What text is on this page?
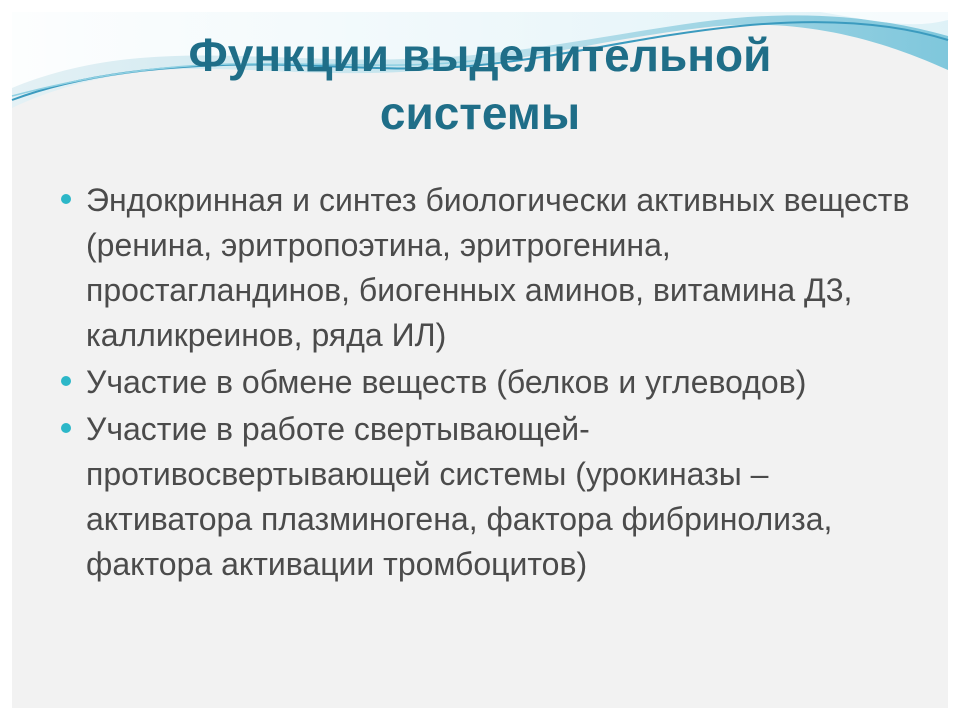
Функции выделительной
системы
Эндокринная и синтез биологически активных веществ (ренина, эритропоэтина, эритрогенина, простагландинов, биогенных аминов, витамина Д3, калликреинов, ряда ИЛ)
Участие в обмене веществ (белков и углеводов)
Участие в работе свертывающей-противосвертывающей системы (урокиназы – активатора плазминогена, фактора фибринолиза, фактора активации тромбоцитов)
